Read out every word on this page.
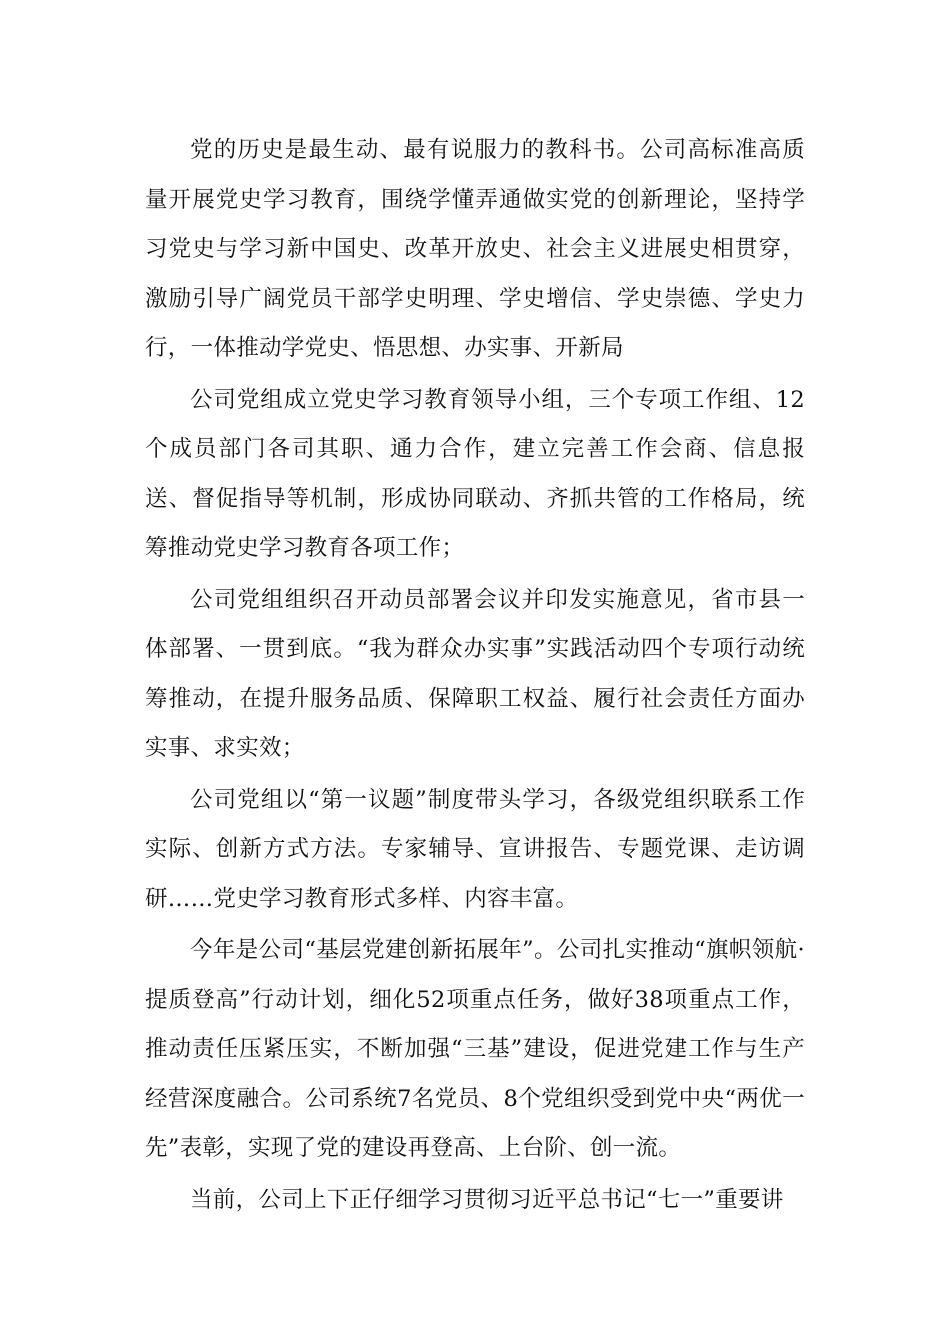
党的历史是最生动、最有说服力的教科书。公司高标准高质量开展党史学习教育，围绕学懂弄通做实党的创新理论，坚持学习党史与学习新中国史、改革开放史、社会主义进展史相贯穿，激励引导广阔党员干部学史明理、学史增信、学史崇德、学史力行，一体推动学党史、悟思想、办实事、开新局

公司党组成立党史学习教育领导小组，三个专项工作组、12个成员部门各司其职、通力合作，建立完善工作会商、信息报送、督促指导等机制，形成协同联动、齐抓共管的工作格局，统筹推动党史学习教育各项工作；

公司党组组织召开动员部署会议并印发实施意见，省市县一体部署、一贯到底。“我为群众办实事”实践活动四个专项行动统筹推动，在提升服务品质、保障职工权益、履行社会责任方面办实事、求实效；

公司党组以“第一议题”制度带头学习，各级党组织联系工作实际、创新方式方法。专家辅导、宣讲报告、专题党课、走访调研……党史学习教育形式多样、内容丰富。

今年是公司“基层党建创新拓展年”。公司扎实推动“旗帜领航·提质登高”行动计划，细化52项重点任务，做好38项重点工作，推动责任压紧压实，不断加强“三基”建设，促进党建工作与生产经营深度融合。公司系统7名党员、8个党组织受到党中央“两优一先”表彰，实现了党的建设再登高、上台阶、创一流。

当前，公司上下正仔细学习贯彻习近平总书记“七一”重要讲
